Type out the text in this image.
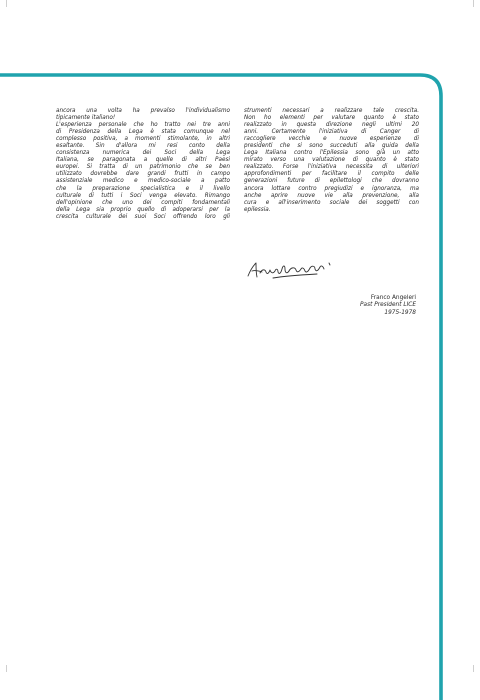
ancora una volta ha prevalso l'individualismo
tipicamente italiano!
L'esperienza personale che ho tratto nei tre anni
di Presidenza della Lega è stata comunque nel
complesso positiva, a momenti stimolante, in altri
esaltante. Sin d'allora mi resi conto della
consistenza numerica dei Soci della Lega
Italiana, se paragonata a quelle di altri Paesi
europei. Si tratta di un patrimonio che se ben
utilizzato dovrebbe dare grandi frutti in campo
assistenziale medico e medico-sociale a patto
che la preparazione specialistica e il livello
culturale di tutti i Soci venga elevato. Rimango
dell'opinione che uno dei compiti fondamentali
della Lega sia proprio quello di adoperarsi per la
crescita culturale dei suoi Soci offrendo loro gli
strumenti necessari a realizzare tale crescita.
Non ho elementi per valutare quanto è stato
realizzato in questa direzione negli ultimi 20
anni. Certamente l'iniziativa di Canger di
raccogliere vecchie e nuove esperienze di
presidenti che si sono succeduti alla guida della
Lega Italiana contro l'Epilessia sono già un atto
mirato verso una valutazione di quanto è stato
realizzato. Forse l'iniziativa necessita di ulteriori
approfondimenti per facilitare il compito delle
generazioni future di epilettologi che dovranno
ancora lottare contro pregiudizi e ignoranza, ma
anche aprire nuove vie alla prevenzione, alla
cura e all'inserimento sociale dei soggetti con
epilessia.
Franco Angeleri
Past President LICE
1975-1978
